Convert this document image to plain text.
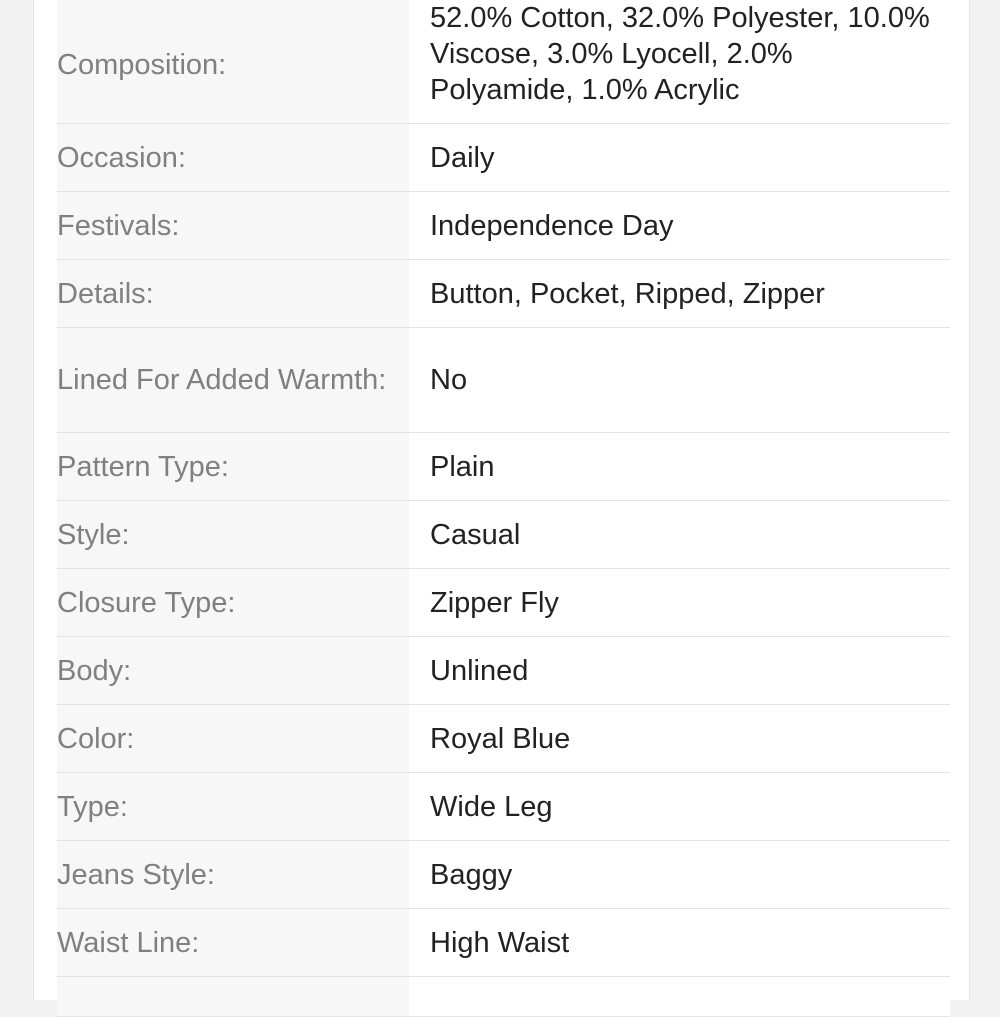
Composition:
52.0% Cotton, 32.0% Polyester, 10.0% Viscose, 3.0% Lyocell, 2.0% Polyamide, 1.0% Acrylic
Occasion:	Daily
Festivals:	Independence Day
Details:	Button, Pocket, Ripped, Zipper
Lined For Added Warmth:	No
Pattern Type:	Plain
Style:	Casual
Closure Type:	Zipper Fly
Body:	Unlined
Color:	Royal Blue
Type:	Wide Leg
Jeans Style:	Baggy
Waist Line:	High Waist
